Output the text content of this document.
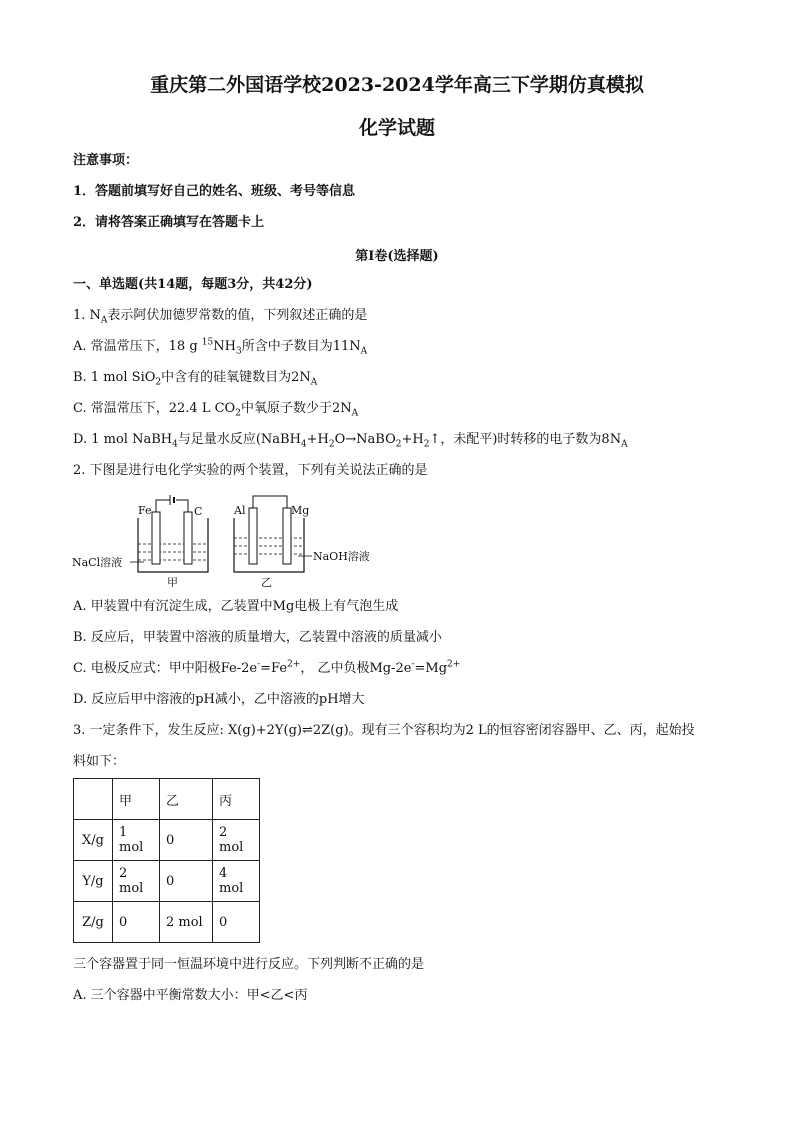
重庆第二外国语学校2023-2024学年高三下学期仿真模拟
化学试题
注意事项：
1．答题前填写好自己的姓名、班级、考号等信息
2．请将答案正确填写在答题卡上
第Ⅰ卷(选择题)
一、单选题(共14题，每题3分，共42分)
1. $N_A$表示阿伏加德罗常数的值，下列叙述正确的是
A. 常温常压下，18 g $^{15}NH_3$所含中子数目为$11N_A$
B. 1 mol SiO$_2$中含有的硅氧键数目为$2N_A$
C. 常温常压下，22.4 L $CO_2$中氧原子数少于$2N_A$
D. 1 mol NaBH$_4$与足量水反应($NaBH_4+H_2O\to NaBO_2+H_2↑$，未配平)时转移的电子数为$8N_A$
2. 下图是进行电化学实验的两个装置，下列有关说法正确的是
Fe	C
NaCl溶液
甲
Al	Mg
NaOH溶液
乙
A. 甲装置中有沉淀生成，乙装置中Mg电极上有气泡生成
B. 反应后，甲装置中溶液的质量增大，乙装置中溶液的质量减小
C. 电极反应式：甲中阳极$Fe-2e^-=Fe^{2+}$， 乙中负极$Mg-2e^-=Mg^{2+}$
D. 反应后甲中溶液的pH减小，乙中溶液的pH增大
3. 一定条件下，发生反应: X(g)+2Y(g)⇌2Z(g)。现有三个容积均为2 L的恒容密闭容器甲、乙、丙，起始投
料如下：
	甲	乙	丙
X/g	1 mol	0	2 mol
Y/g	2 mol	0	4 mol
Z/g	0	2 mol	0
三个容器置于同一恒温环境中进行反应。下列判断不正确的是
A. 三个容器中平衡常数大小：甲<乙<丙
